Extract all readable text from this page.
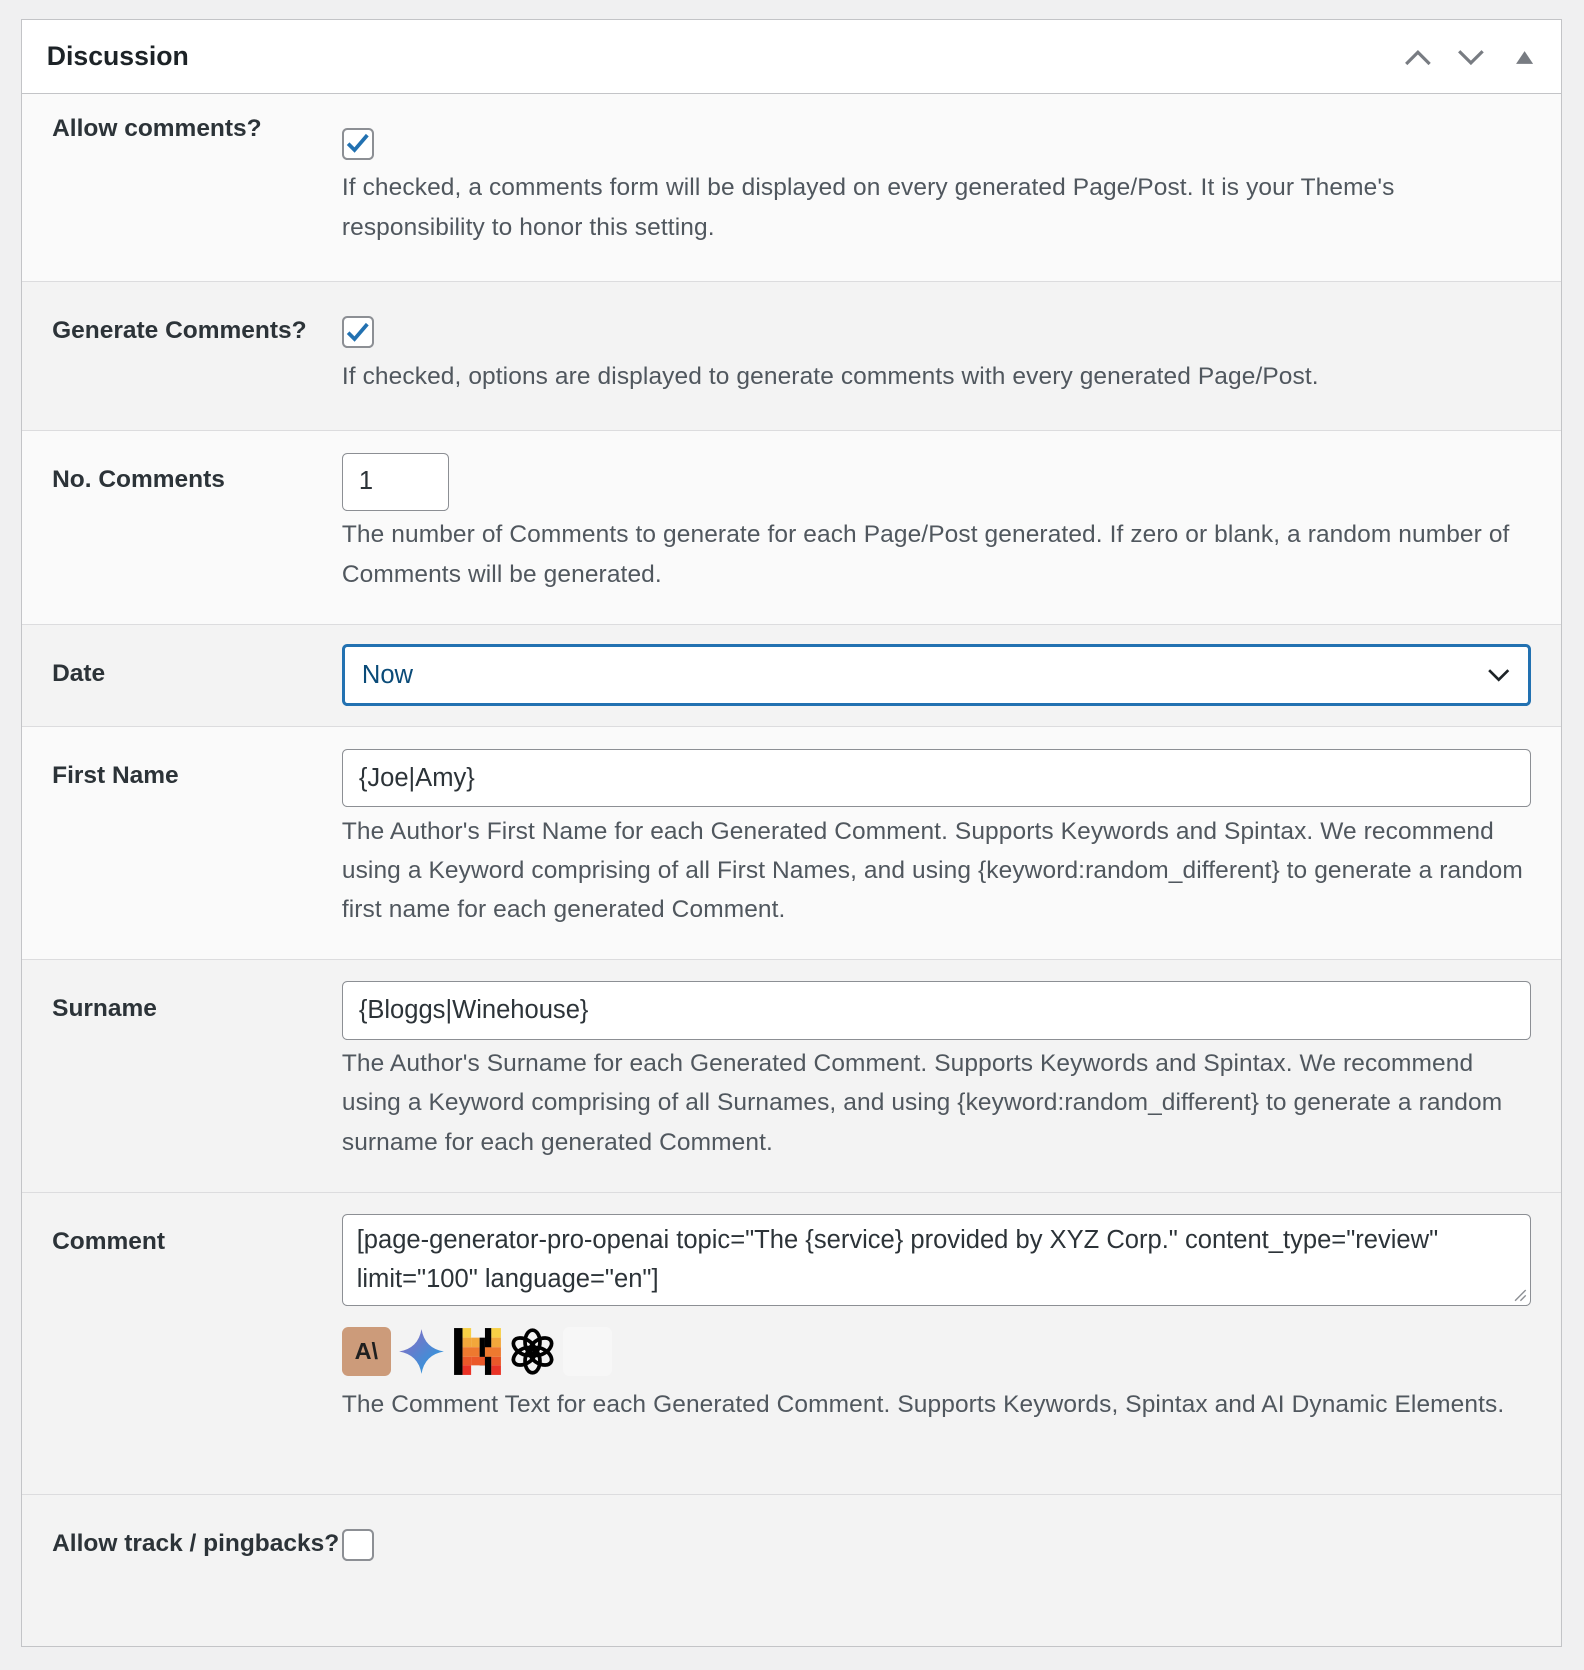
Discussion
Allow comments?
If checked, a comments form will be displayed on every generated Page/Post. It is your Theme's responsibility to honor this setting.
Generate Comments?
If checked, options are displayed to generate comments with every generated Page/Post.
No. Comments	1
The number of Comments to generate for each Page/Post generated. If zero or blank, a random number of Comments will be generated.
Date	Now
First Name	{Joe|Amy}
The Author's First Name for each Generated Comment. Supports Keywords and Spintax. We recommend using a Keyword comprising of all First Names, and using {keyword:random_different} to generate a random first name for each generated Comment.
Surname	{Bloggs|Winehouse}
The Author's Surname for each Generated Comment. Supports Keywords and Spintax. We recommend using a Keyword comprising of all Surnames, and using {keyword:random_different} to generate a random surname for each generated Comment.
Comment	[page-generator-pro-openai topic="The {service} provided by XYZ Corp." content_type="review" limit="100" language="en"]
A\
The Comment Text for each Generated Comment. Supports Keywords, Spintax and AI Dynamic Elements.
Allow track / pingbacks?
